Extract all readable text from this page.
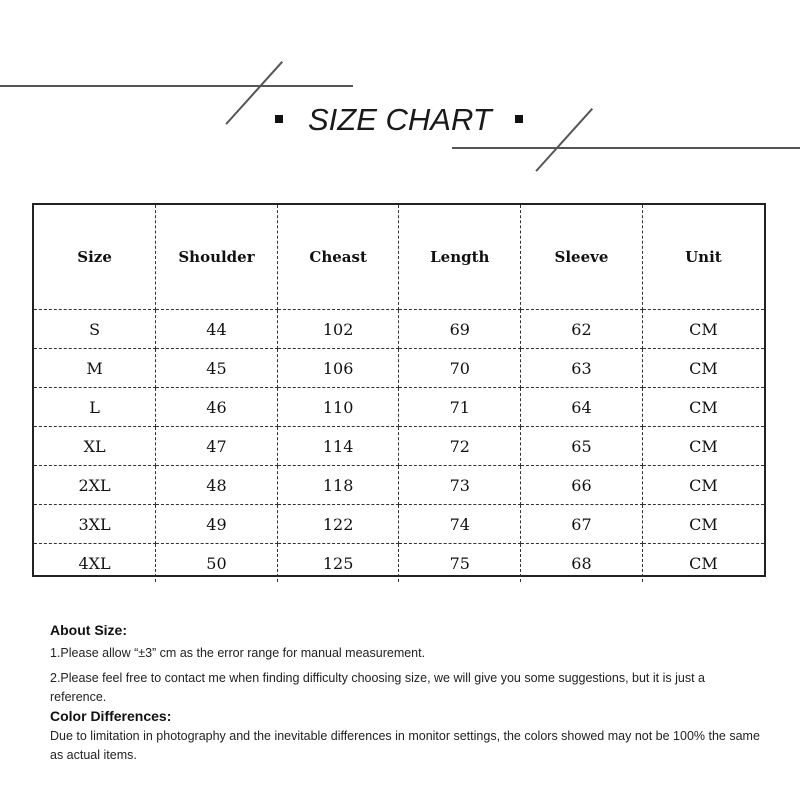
SIZE CHART
Size	Shoulder	Cheast	Length	Sleeve	Unit
S	44	102	69	62	CM
M	45	106	70	63	CM
L	46	110	71	64	CM
XL	47	114	72	65	CM
2XL	48	118	73	66	CM
3XL	49	122	74	67	CM
4XL	50	125	75	68	CM

About Size:

1.Please allow “±3” cm as the error range for manual measurement.

2.Please feel free to contact me when finding difficulty choosing size, we will give you some suggestions, but it is just a reference.

Color Differences:

Due to limitation in photography and the inevitable differences in monitor settings, the colors showed may not be 100% the same as actual items.
